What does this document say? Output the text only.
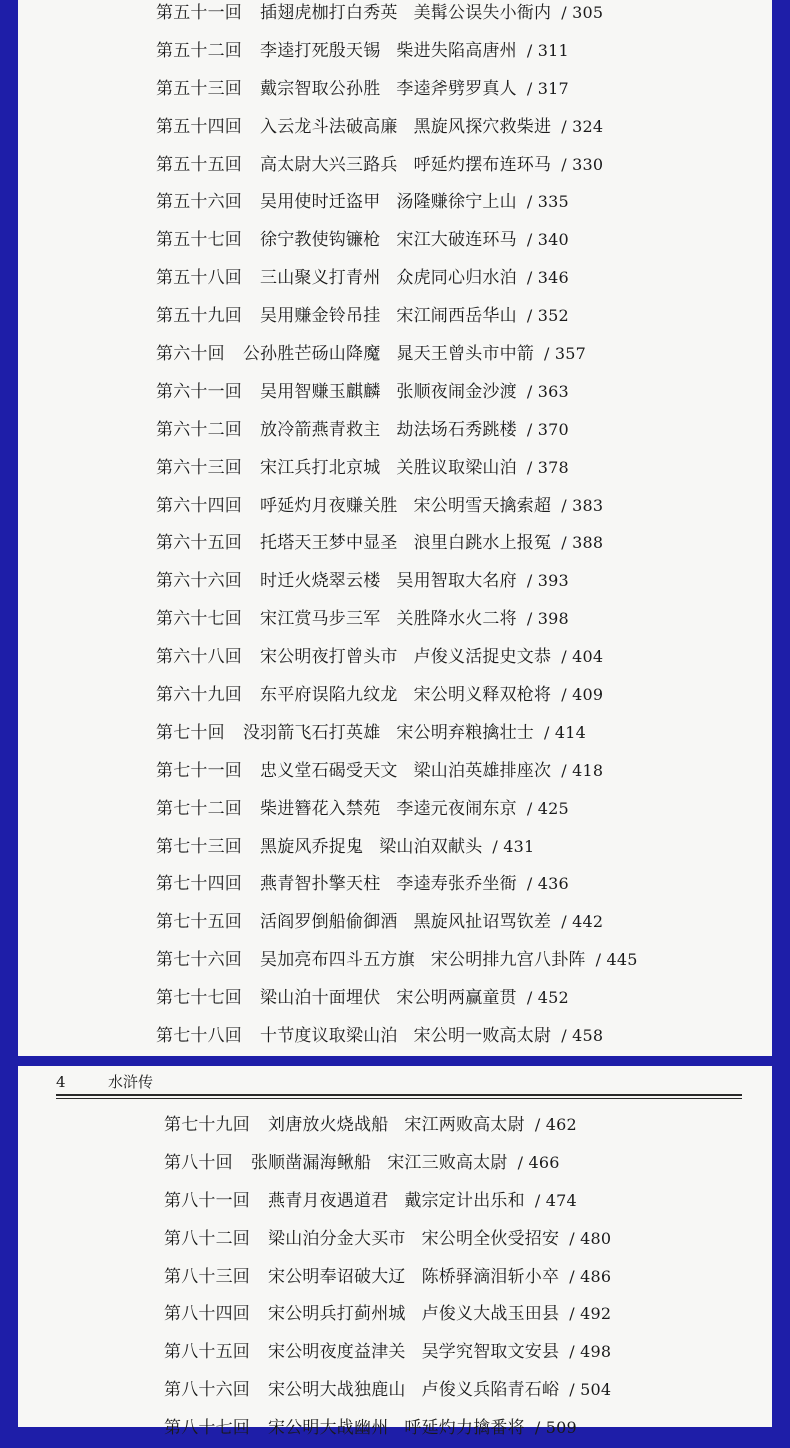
第五十一回 插翅虎枷打白秀英 美髯公误失小衙内 / 305
第五十二回 李逵打死殷天锡 柴进失陷高唐州 / 311
第五十三回 戴宗智取公孙胜 李逵斧劈罗真人 / 317
第五十四回 入云龙斗法破高廉 黑旋风探穴救柴进 / 324
第五十五回 高太尉大兴三路兵 呼延灼摆布连环马 / 330
第五十六回 吴用使时迁盗甲 汤隆赚徐宁上山 / 335
第五十七回 徐宁教使钩镰枪 宋江大破连环马 / 340
第五十八回 三山聚义打青州 众虎同心归水泊 / 346
第五十九回 吴用赚金铃吊挂 宋江闹西岳华山 / 352
第六十回 公孙胜芒砀山降魔 晁天王曾头市中箭 / 357
第六十一回 吴用智赚玉麒麟 张顺夜闹金沙渡 / 363
第六十二回 放冷箭燕青救主 劫法场石秀跳楼 / 370
第六十三回 宋江兵打北京城 关胜议取梁山泊 / 378
第六十四回 呼延灼月夜赚关胜 宋公明雪天擒索超 / 383
第六十五回 托塔天王梦中显圣 浪里白跳水上报冤 / 388
第六十六回 时迁火烧翠云楼 吴用智取大名府 / 393
第六十七回 宋江赏马步三军 关胜降水火二将 / 398
第六十八回 宋公明夜打曾头市 卢俊义活捉史文恭 / 404
第六十九回 东平府误陷九纹龙 宋公明义释双枪将 / 409
第七十回 没羽箭飞石打英雄 宋公明弃粮擒壮士 / 414
第七十一回 忠义堂石碣受天文 梁山泊英雄排座次 / 418
第七十二回 柴进簪花入禁苑 李逵元夜闹东京 / 425
第七十三回 黑旋风乔捉鬼 梁山泊双献头 / 431
第七十四回 燕青智扑擎天柱 李逵寿张乔坐衙 / 436
第七十五回 活阎罗倒船偷御酒 黑旋风扯诏骂钦差 / 442
第七十六回 吴加亮布四斗五方旗 宋公明排九宫八卦阵 / 445
第七十七回 梁山泊十面埋伏 宋公明两赢童贯 / 452
第七十八回 十节度议取梁山泊 宋公明一败高太尉 / 458
4	水浒传
第七十九回 刘唐放火烧战船 宋江两败高太尉 / 462
第八十回 张顺凿漏海鳅船 宋江三败高太尉 / 466
第八十一回 燕青月夜遇道君 戴宗定计出乐和 / 474
第八十二回 梁山泊分金大买市 宋公明全伙受招安 / 480
第八十三回 宋公明奉诏破大辽 陈桥驿滴泪斩小卒 / 486
第八十四回 宋公明兵打蓟州城 卢俊义大战玉田县 / 492
第八十五回 宋公明夜度益津关 吴学究智取文安县 / 498
第八十六回 宋公明大战独鹿山 卢俊义兵陷青石峪 / 504
第八十七回 宋公明大战幽州 呼延灼力擒番将 / 509
